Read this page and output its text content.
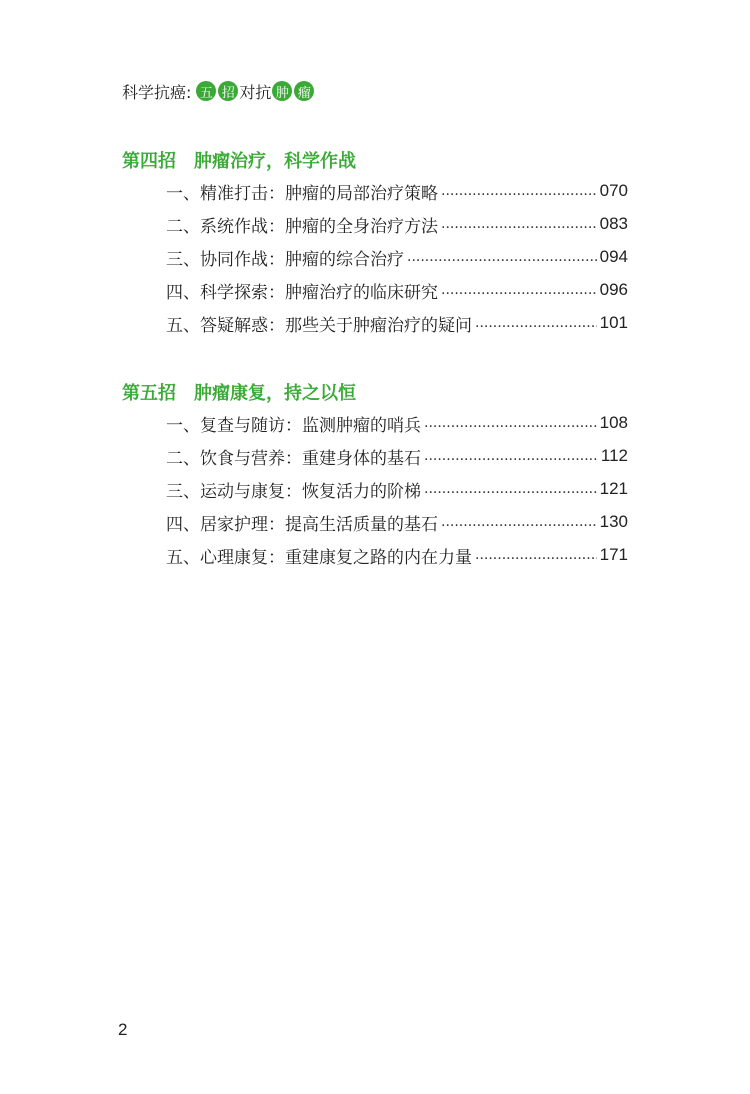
科学抗癌: 五 招 对抗 肿 瘤
第四招 肿瘤治疗，科学作战
一、精准打击：肿瘤的局部治疗策略 .....	070
二、系统作战：肿瘤的全身治疗方法 .....	083
三、协同作战：肿瘤的综合治疗 .....	094
四、科学探索：肿瘤治疗的临床研究 .....	096
五、答疑解惑：那些关于肿瘤治疗的疑问 .....	101
第五招 肿瘤康复，持之以恒
一、复查与随访：监测肿瘤的哨兵 .....	108
二、饮食与营养：重建身体的基石 .....	112
三、运动与康复：恢复活力的阶梯 .....	121
四、居家护理：提高生活质量的基石 .....	130
五、心理康复：重建康复之路的内在力量 .....	171
2
